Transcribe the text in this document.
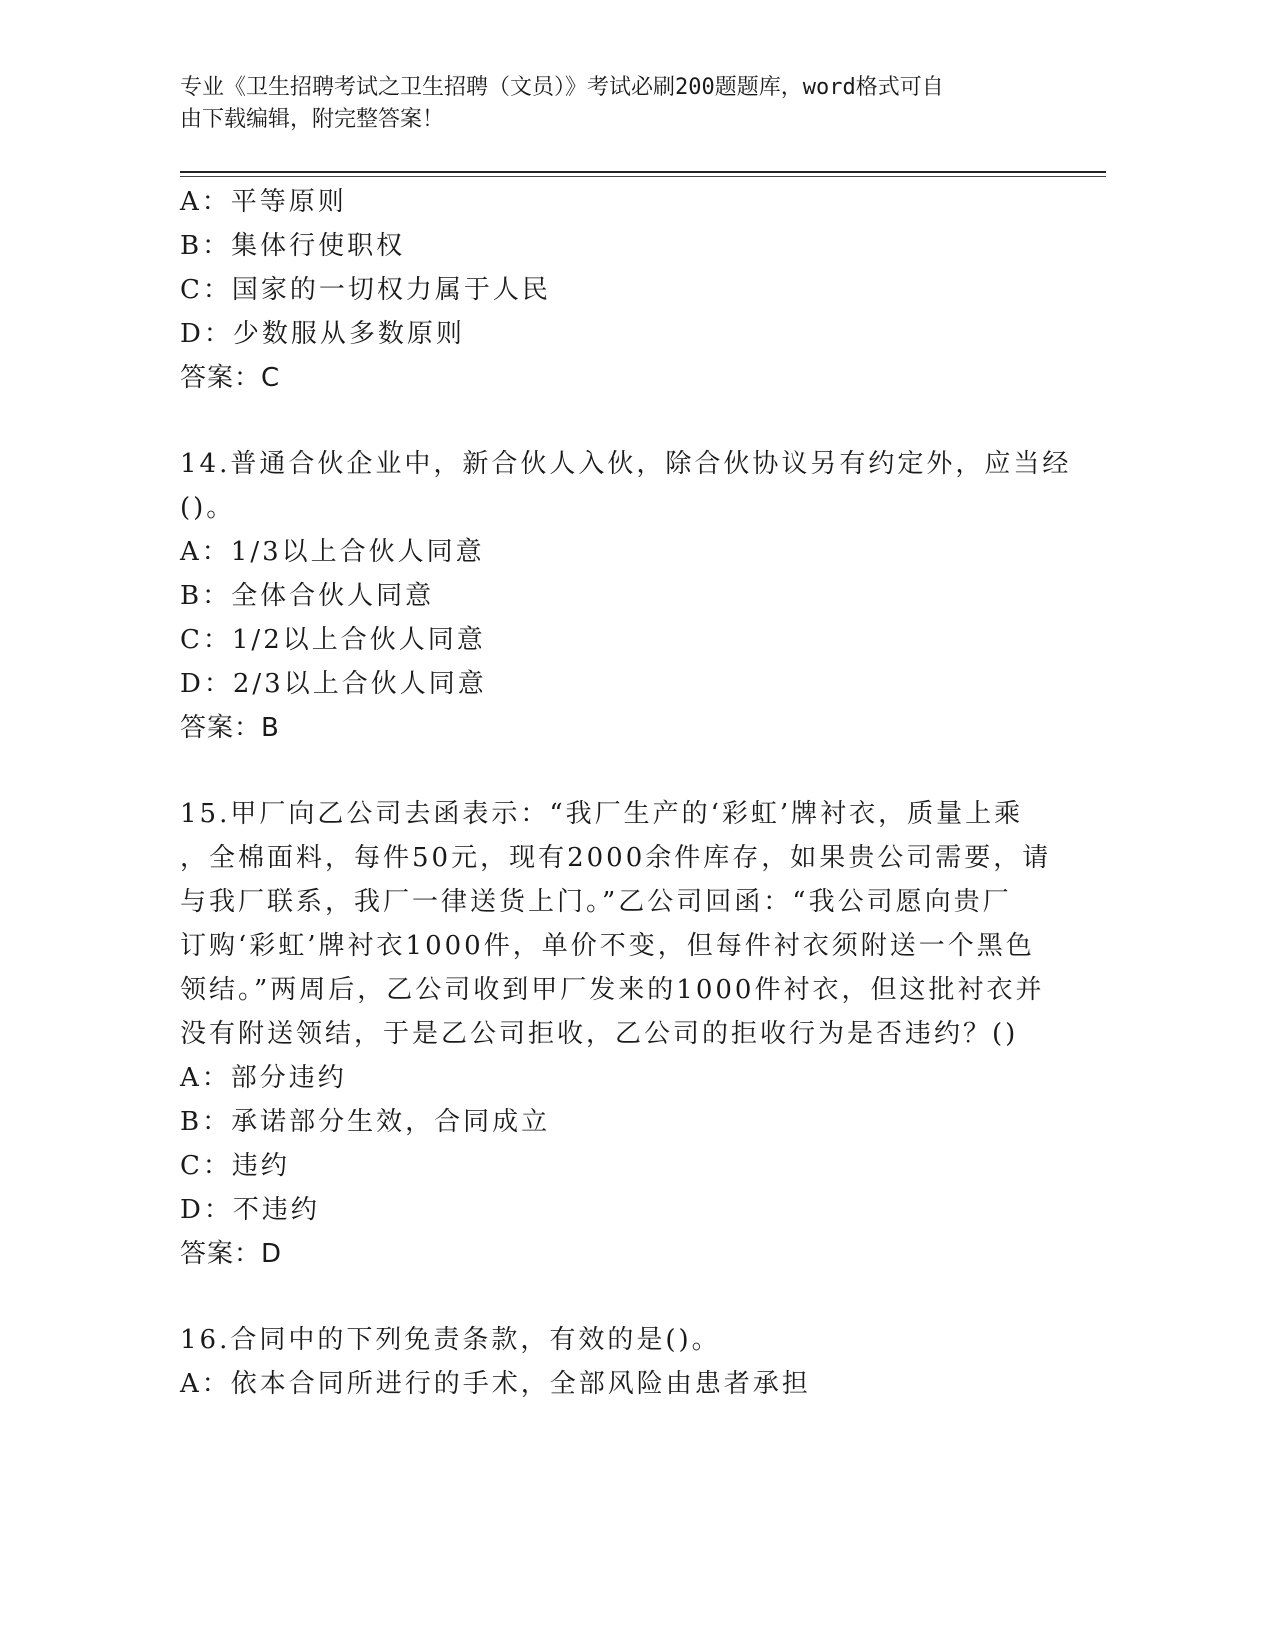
专业《卫生招聘考试之卫生招聘（文员）》考试必刷200题题库，word格式可自
由下载编辑，附完整答案！
A：平等原则
B：集体行使职权
C：国家的一切权力属于人民
D：少数服从多数原则
答案：C
14.普通合伙企业中，新合伙人入伙，除合伙协议另有约定外，应当经
()。
A：1/3以上合伙人同意
B：全体合伙人同意
C：1/2以上合伙人同意
D：2/3以上合伙人同意
答案：B
15.甲厂向乙公司去函表示：“我厂生产的‘彩虹’牌衬衣，质量上乘
，全棉面料，每件50元，现有2000余件库存，如果贵公司需要，请
与我厂联系，我厂一律送货上门。”乙公司回函：“我公司愿向贵厂
订购‘彩虹’牌衬衣1000件，单价不变，但每件衬衣须附送一个黑色
领结。”两周后，乙公司收到甲厂发来的1000件衬衣，但这批衬衣并
没有附送领结，于是乙公司拒收，乙公司的拒收行为是否违约？()
A：部分违约
B：承诺部分生效，合同成立
C：违约
D：不违约
答案：D
16.合同中的下列免责条款，有效的是()。
A：依本合同所进行的手术，全部风险由患者承担
